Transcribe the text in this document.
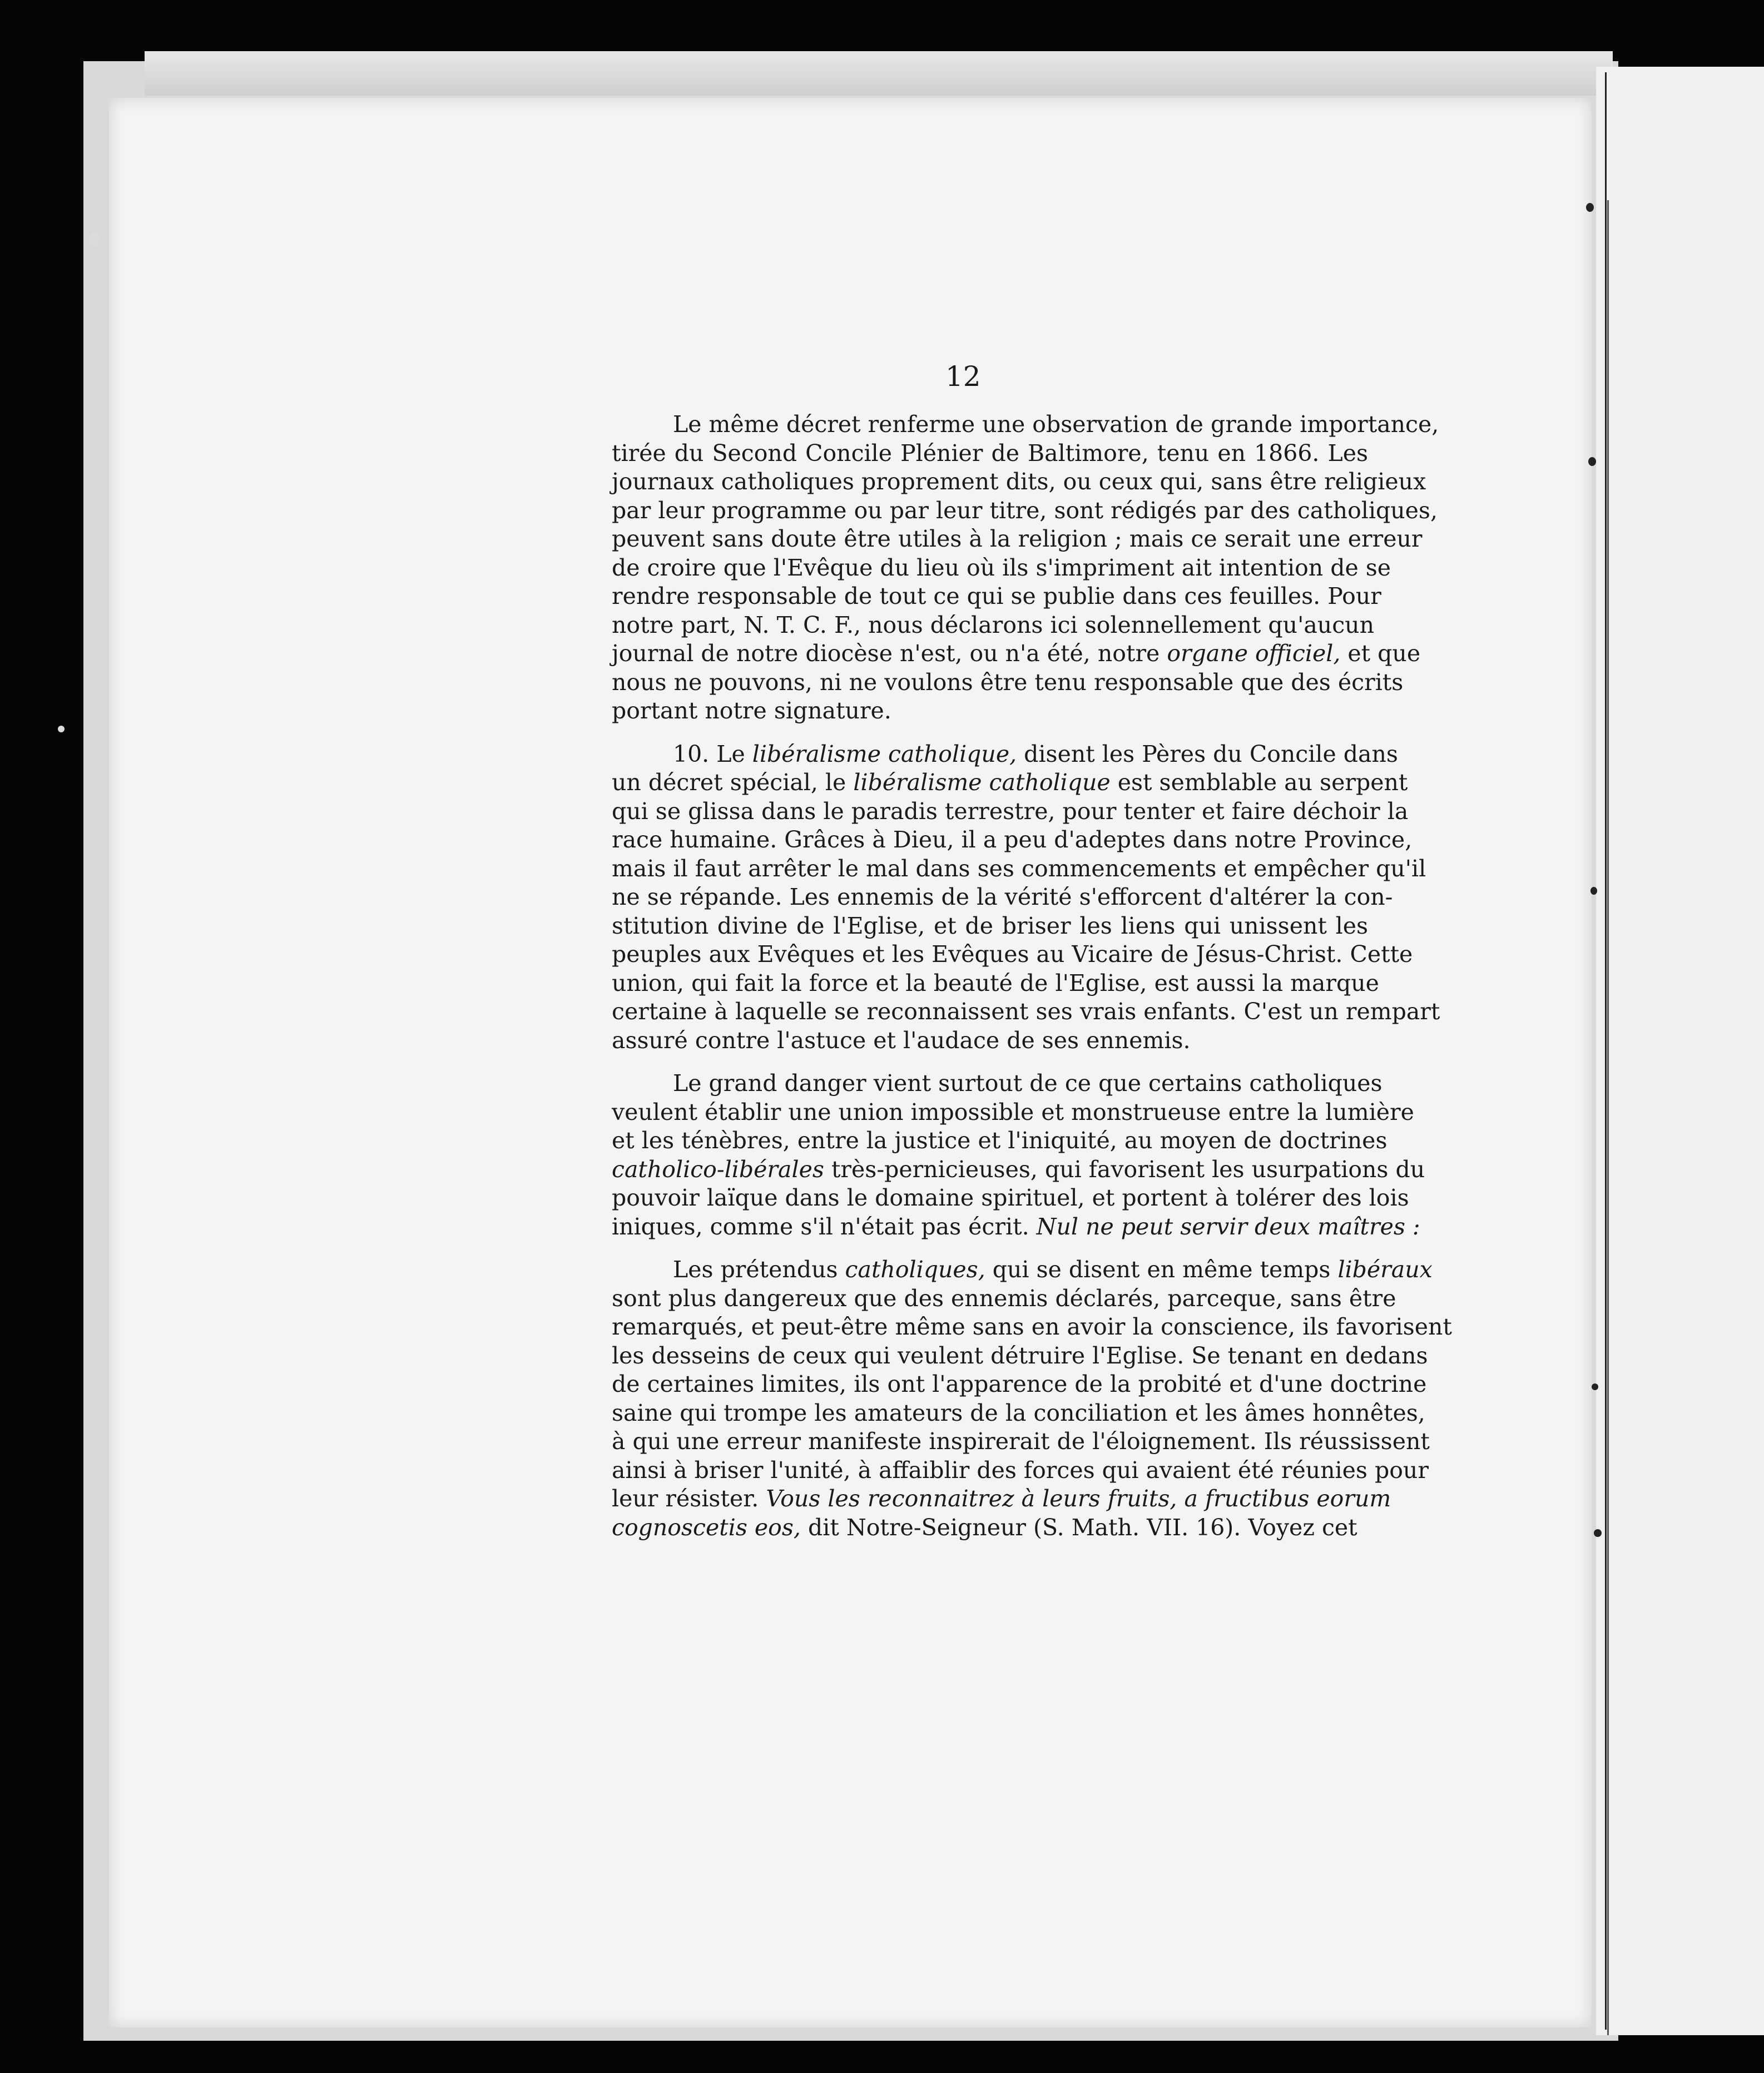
12
Le même décret renferme une observation de grande importance,
tirée du Second Concile Plénier de Baltimore, tenu en 1866. Les
journaux catholiques proprement dits, ou ceux qui, sans être religieux
par leur programme ou par leur titre, sont rédigés par des catholiques,
peuvent sans doute être utiles à la religion ; mais ce serait une erreur
de croire que l'Evêque du lieu où ils s'impriment ait intention de se
rendre responsable de tout ce qui se publie dans ces feuilles. Pour
notre part, N. T. C. F., nous déclarons ici solennellement qu'aucun
journal de notre diocèse n'est, ou n'a été, notre organe officiel, et que
nous ne pouvons, ni ne voulons être tenu responsable que des écrits
portant notre signature.
10. Le libéralisme catholique, disent les Pères du Concile dans
un décret spécial, le libéralisme catholique est semblable au serpent
qui se glissa dans le paradis terrestre, pour tenter et faire déchoir la
race humaine. Grâces à Dieu, il a peu d'adeptes dans notre Province,
mais il faut arrêter le mal dans ses commencements et empêcher qu'il
ne se répande. Les ennemis de la vérité s'efforcent d'altérer la con-
stitution divine de l'Eglise, et de briser les liens qui unissent les
peuples aux Evêques et les Evêques au Vicaire de Jésus-Christ. Cette
union, qui fait la force et la beauté de l'Eglise, est aussi la marque
certaine à laquelle se reconnaissent ses vrais enfants. C'est un rempart
assuré contre l'astuce et l'audace de ses ennemis.
Le grand danger vient surtout de ce que certains catholiques
veulent établir une union impossible et monstrueuse entre la lumière
et les ténèbres, entre la justice et l'iniquité, au moyen de doctrines
catholico-libérales très-pernicieuses, qui favorisent les usurpations du
pouvoir laïque dans le domaine spirituel, et portent à tolérer des lois
iniques, comme s'il n'était pas écrit. Nul ne peut servir deux maîtres :
Les prétendus catholiques, qui se disent en même temps libéraux
sont plus dangereux que des ennemis déclarés, parceque, sans être
remarqués, et peut-être même sans en avoir la conscience, ils favorisent
les desseins de ceux qui veulent détruire l'Eglise. Se tenant en dedans
de certaines limites, ils ont l'apparence de la probité et d'une doctrine
saine qui trompe les amateurs de la conciliation et les âmes honnêtes,
à qui une erreur manifeste inspirerait de l'éloignement. Ils réussissent
ainsi à briser l'unité, à affaiblir des forces qui avaient été réunies pour
leur résister. Vous les reconnaitrez à leurs fruits, a fructibus eorum
cognoscetis eos, dit Notre-Seigneur (S. Math. VII. 16). Voyez cet
